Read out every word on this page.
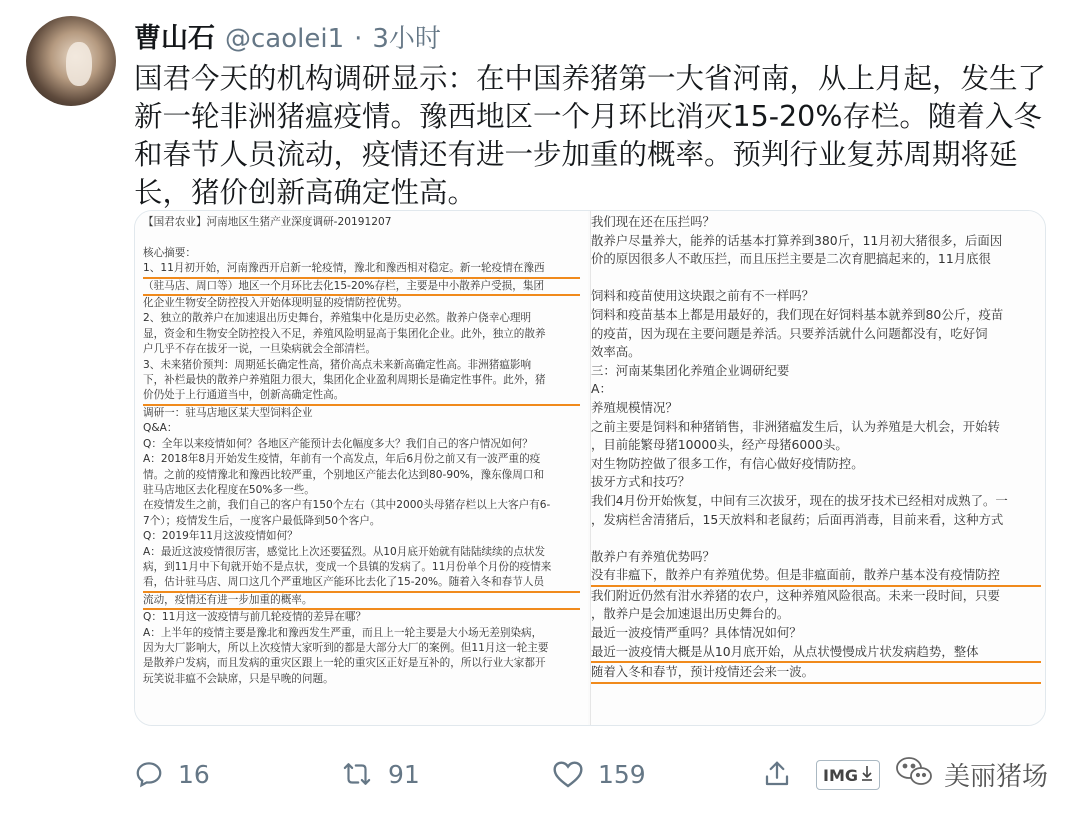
曹山石 @caolei1 · 3小时
国君今天的机构调研显示：在中国养猪第一大省河南，从上月起，发生了新一轮非洲猪瘟疫情。豫西地区一个月环比消灭15-20%存栏。随着入冬和春节人员流动，疫情还有进一步加重的概率。预判行业复苏周期将延长，猪价创新高确定性高。
【国君农业】河南地区生猪产业深度调研-20191207

核心摘要：
1、11月初开始，河南豫西开启新一轮疫情，豫北和豫西相对稳定。新一轮疫情在豫西
（驻马店、周口等）地区一个月环比去化15-20%存栏，主要是中小散养户受损，集团
化企业生物安全防控投入开始体现明显的疫情防控优势。
2、独立的散养户在加速退出历史舞台，养殖集中化是历史必然。散养户侥幸心理明
显，资金和生物安全防控投入不足，养殖风险明显高于集团化企业。此外，独立的散养
户几乎不存在拔牙一说，一旦染病就会全部清栏。
3、未来猪价预判：周期延长确定性高，猪价高点未来新高确定性高。非洲猪瘟影响
下，补栏最快的散养户养殖阻力很大，集团化企业盈利周期长是确定性事件。此外，猪
价仍处于上行通道当中，创新高确定性高。
调研一：驻马店地区某大型饲料企业
Q&A：
Q：全年以来疫情如何？各地区产能预计去化幅度多大？我们自己的客户情况如何？
A：2018年8月开始发生疫情，年前有一个高发点，年后6月份之前又有一波严重的疫
情。之前的疫情豫北和豫西比较严重，个别地区产能去化达到80-90%，豫东像周口和
驻马店地区去化程度在50%多一些。
在疫情发生之前，我们自己的客户有150个左右（其中2000头母猪存栏以上大客户有6-
7个）；疫情发生后，一度客户最低降到50个客户。
Q：2019年11月这波疫情如何？
A：最近这波疫情很厉害，感觉比上次还要猛烈。从10月底开始就有陆陆续续的点状发
病，到11月中下旬就开始不是点状，变成一个县镇的发病了。11月份单个月份的疫情来
看，估计驻马店、周口这几个严重地区产能环比去化了15-20%。随着入冬和春节人员
流动，疫情还有进一步加重的概率。
Q：11月这一波疫情与前几轮疫情的差异在哪？
A：上半年的疫情主要是豫北和豫西发生严重，而且上一轮主要是大小场无差别染病，
因为大厂影响大，所以上次疫情大家听到的都是大部分大厂的案例。但11月这一轮主要
是散养户发病，而且发病的重灾区跟上一轮的重灾区正好是互补的，所以行业大家都开
玩笑说非瘟不会缺席，只是早晚的问题。
我们现在还在压拦吗？
散养户尽量养大，能养的话基本打算养到380斤，11月初大猪很多，后面因
价的原因很多人不敢压拦，而且压拦主要是二次育肥搞起来的，11月底很

饲料和疫苗使用这块跟之前有不一样吗？
饲料和疫苗基本上都是用最好的，我们现在好饲料基本就养到80公斤，疫苗
的疫苗，因为现在主要问题是养活。只要养活就什么问题都没有，吃好饲
效率高。
三：河南某集团化养殖企业调研纪要
A：
养殖规模情况？
之前主要是饲料和种猪销售，非洲猪瘟发生后，认为养殖是大机会，开始转
，目前能繁母猪10000头，经产母猪6000头。
对生物防控做了很多工作，有信心做好疫情防控。
拔牙方式和技巧？
我们4月份开始恢复，中间有三次拔牙，现在的拔牙技术已经相对成熟了。一
，发病栏舍清猪后，15天放料和老鼠药；后面再消毒，目前来看，这种方式

散养户有养殖优势吗？
没有非瘟下，散养户有养殖优势。但是非瘟面前，散养户基本没有疫情防控
我们附近仍然有泔水养猪的农户，这种养殖风险很高。未来一段时间，只要
，散养户是会加速退出历史舞台的。
最近一波疫情严重吗？具体情况如何？
最近一波疫情大概是从10月底开始，从点状慢慢成片状发病趋势，整体
随着入冬和春节，预计疫情还会来一波。
16	91	159	IMG	美丽猪场
